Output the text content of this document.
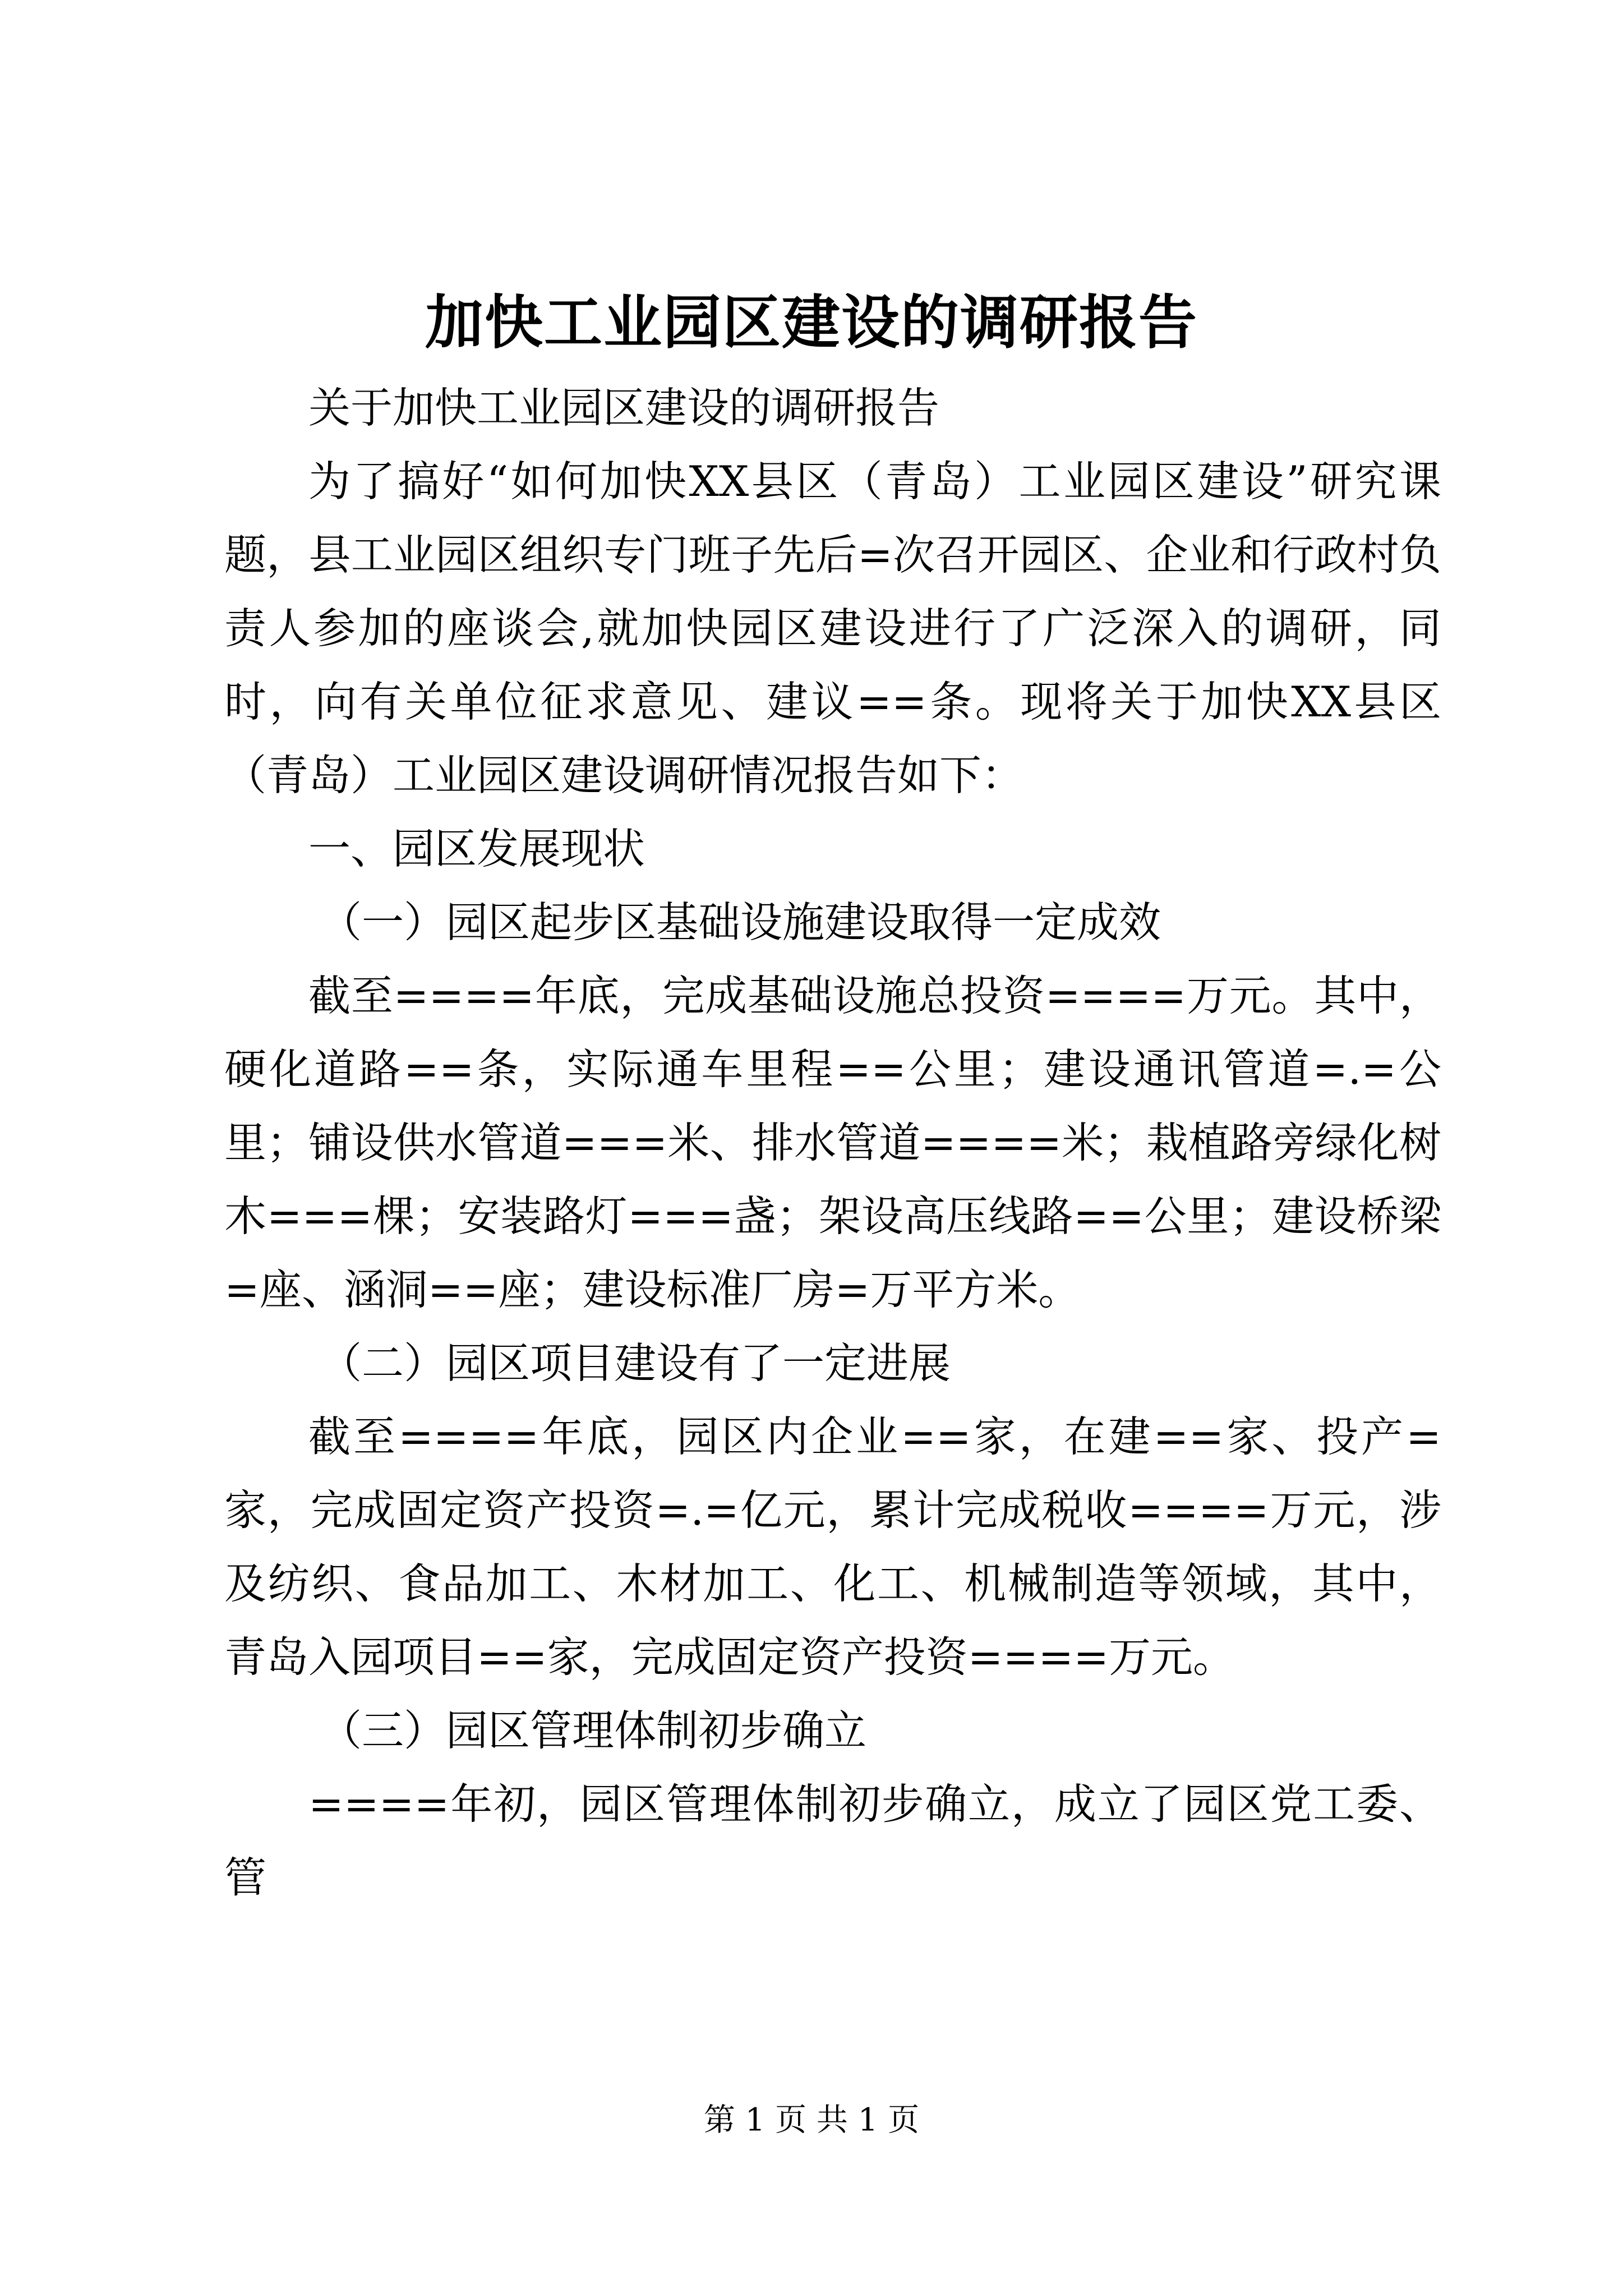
加快工业园区建设的调研报告

关于加快工业园区建设的调研报告

为了搞好“如何加快XX县区（青岛）工业园区建设”研究课题，县工业园区组织专门班子先后=次召开园区、企业和行政村负责人参加的座谈会,就加快园区建设进行了广泛深入的调研，同时，向有关单位征求意见、建议==条。现将关于加快XX县区（青岛）工业园区建设调研情况报告如下：

一、园区发展现状

（一）园区起步区基础设施建设取得一定成效

截至====年底，完成基础设施总投资====万元。其中，硬化道路==条，实际通车里程==公里；建设通讯管道=.=公里；铺设供水管道===米、排水管道====米；栽植路旁绿化树木===棵；安装路灯===盏；架设高压线路==公里；建设桥梁=座、涵洞==座；建设标准厂房=万平方米。

（二）园区项目建设有了一定进展

截至====年底，园区内企业==家，在建==家、投产=家，完成固定资产投资=.=亿元，累计完成税收====万元，涉及纺织、食品加工、木材加工、化工、机械制造等领域，其中，青岛入园项目==家，完成固定资产投资====万元。

（三）园区管理体制初步确立

====年初，园区管理体制初步确立，成立了园区党工委、管

第 1 页 共 1 页
